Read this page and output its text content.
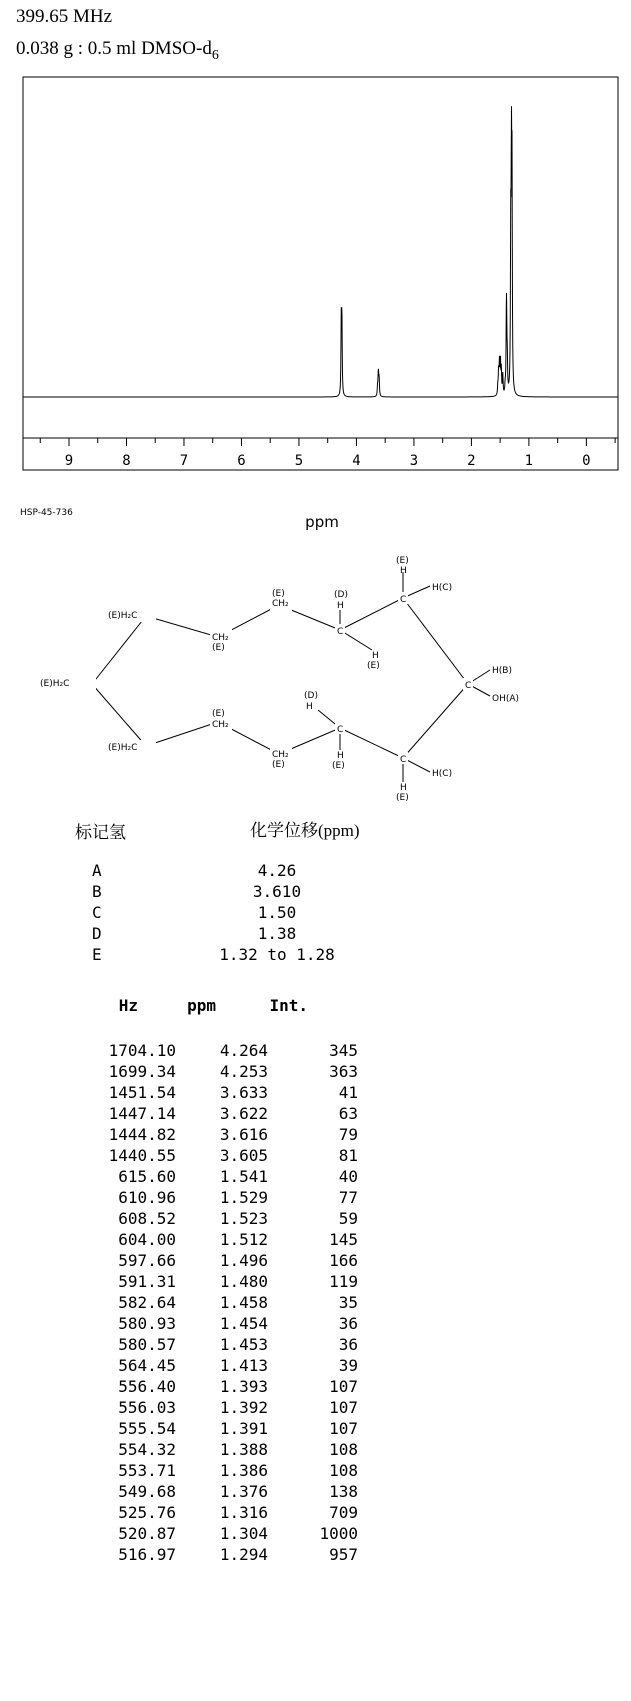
399.65 MHz
0.038 g : 0.5 ml DMSO-$d_6$
9	8	7	6	5	4	3	2	1	0
ppm
HSP-45-736
(E)H₂C
(E)H₂C
(E)H₂C
CH₂
(E)
(E)
CH₂
(E)
CH₂
CH₂
(E)
(D)
H
C
H
(E)
(E)
H
C
H(C)
C
H(B)
OH(A)
(D)
H
C
H
(E)
C
H(C)
H
(E)
标记氢	化学位移(ppm)
A	4.26
B	3.610
C	1.50
D	1.38
E	1.32 to 1.28
Hz	ppm	Int.
1704.10	4.264	345
1699.34	4.253	363
1451.54	3.633	41
1447.14	3.622	63
1444.82	3.616	79
1440.55	3.605	81
615.60	1.541	40
610.96	1.529	77
608.52	1.523	59
604.00	1.512	145
597.66	1.496	166
591.31	1.480	119
582.64	1.458	35
580.93	1.454	36
580.57	1.453	36
564.45	1.413	39
556.40	1.393	107
556.03	1.392	107
555.54	1.391	107
554.32	1.388	108
553.71	1.386	108
549.68	1.376	138
525.76	1.316	709
520.87	1.304	1000
516.97	1.294	957
